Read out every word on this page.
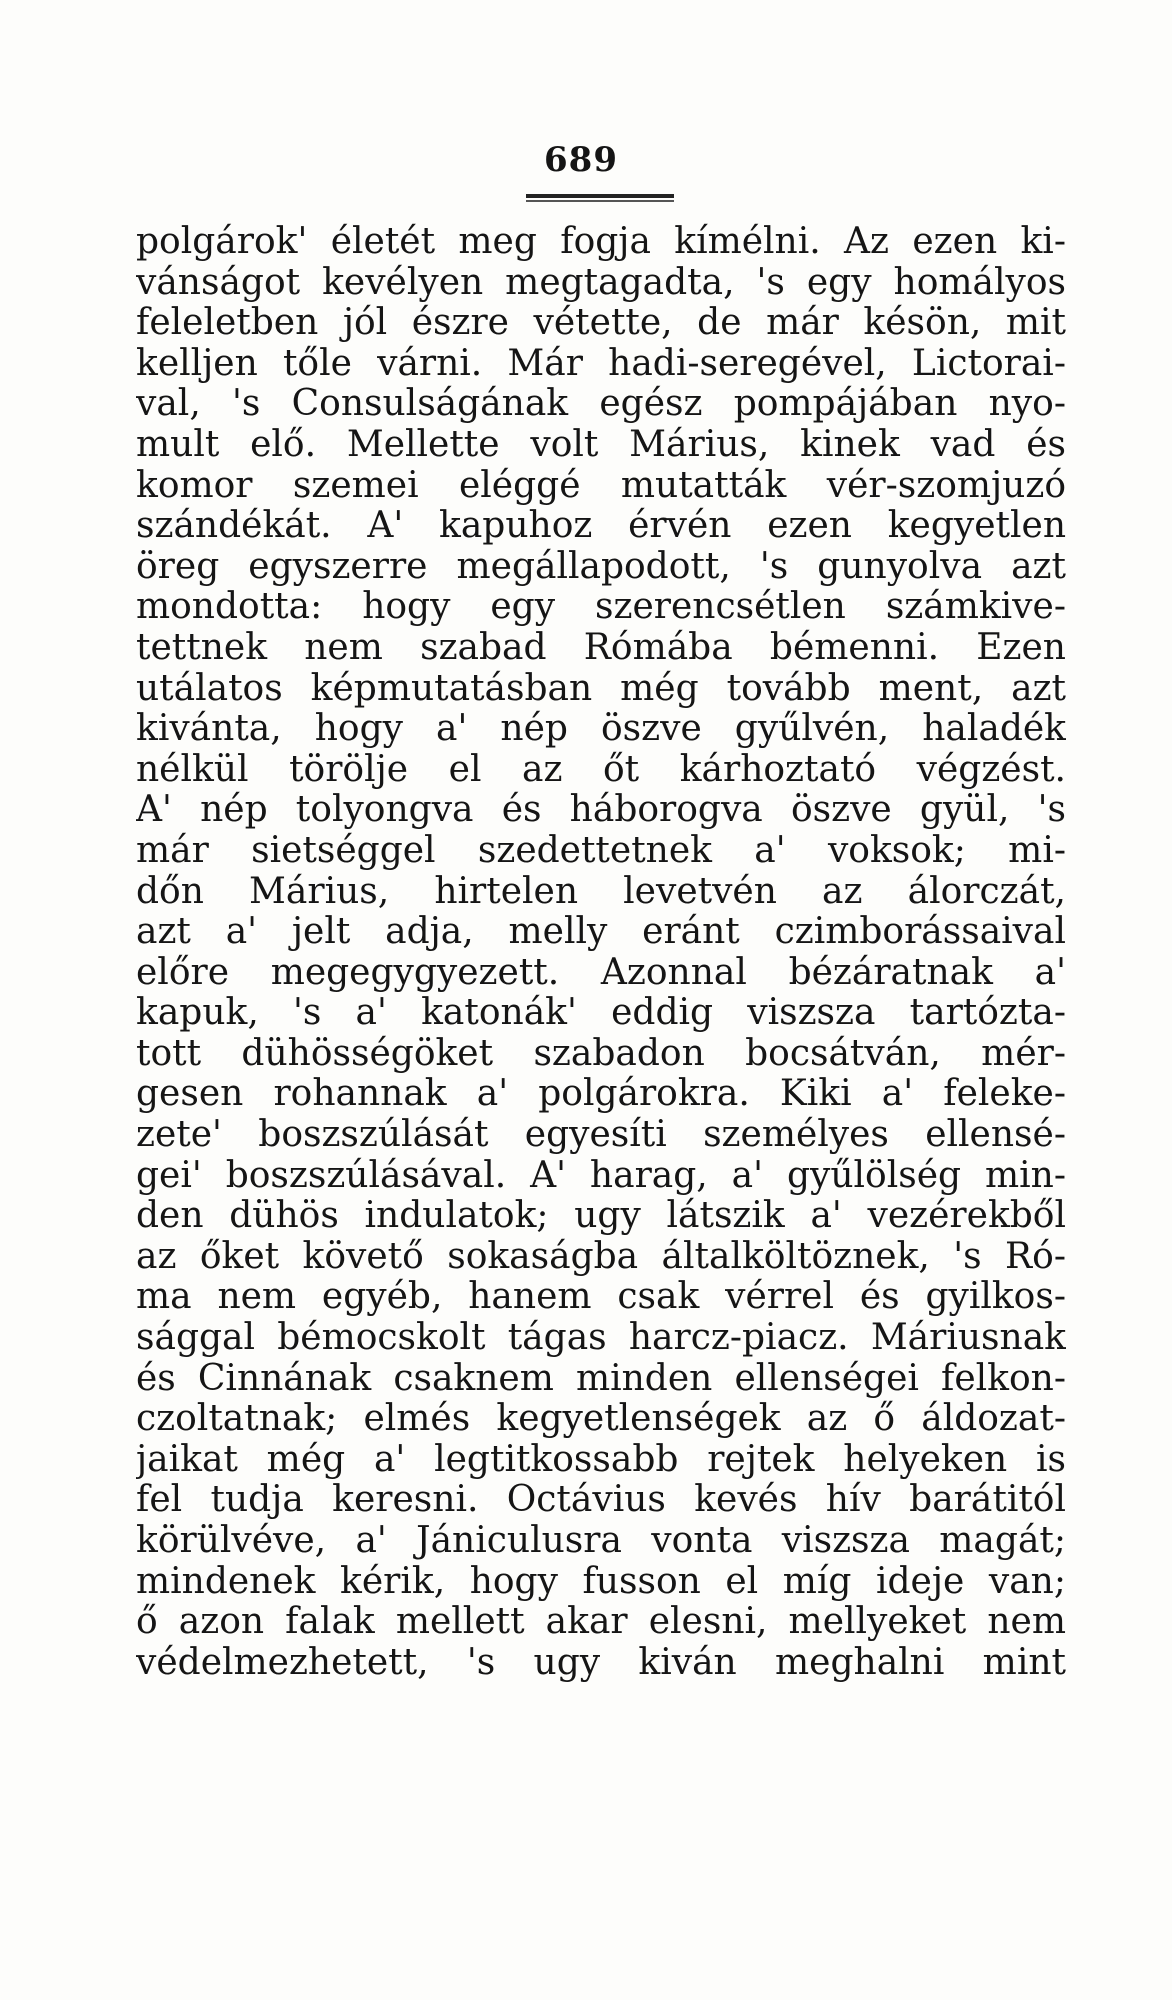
689
polgárok' életét meg fogja kímélni. Az ezen ki-
vánságot kevélyen megtagadta, 's egy homályos
feleletben jól észre vétette, de már késön, mit
kelljen tőle várni. Már hadi-seregével, Lictorai-
val, 's Consulságának egész pompájában nyo-
mult elő. Mellette volt Márius, kinek vad és
komor szemei eléggé mutatták vér-szomjuzó
szándékát. A' kapuhoz érvén ezen kegyetlen
öreg egyszerre megállapodott, 's gunyolva azt
mondotta: hogy egy szerencsétlen számkive-
tettnek nem szabad Rómába bémenni. Ezen
utálatos képmutatásban még tovább ment, azt
kivánta, hogy a' nép öszve gyűlvén, haladék
nélkül törölje el az őt kárhoztató végzést.
A' nép tolyongva és háborogva öszve gyül, 's
már sietséggel szedettetnek a' voksok; mi-
dőn Márius, hirtelen levetvén az álorczát,
azt a' jelt adja, melly eránt czimborássaival
előre megegygyezett. Azonnal bézáratnak a'
kapuk, 's a' katonák' eddig viszsza tartózta-
tott dühösségöket szabadon bocsátván, mér-
gesen rohannak a' polgárokra. Kiki a' feleke-
zete' boszszúlását egyesíti személyes ellensé-
gei' boszszúlásával. A' harag, a' gyűlölség min-
den dühös indulatok; ugy látszik a' vezérekből
az őket követő sokaságba általköltöznek, 's Ró-
ma nem egyéb, hanem csak vérrel és gyilkos-
sággal bémocskolt tágas harcz-piacz. Máriusnak
és Cinnának csaknem minden ellenségei felkon-
czoltatnak; elmés kegyetlenségek az ő áldozat-
jaikat még a' legtitkossabb rejtek helyeken is
fel tudja keresni. Octávius kevés hív barátitól
körülvéve, a' Jániculusra vonta viszsza magát;
mindenek kérik, hogy fusson el míg ideje van;
ő azon falak mellett akar elesni, mellyeket nem
védelmezhetett, 's ugy kiván meghalni mint
